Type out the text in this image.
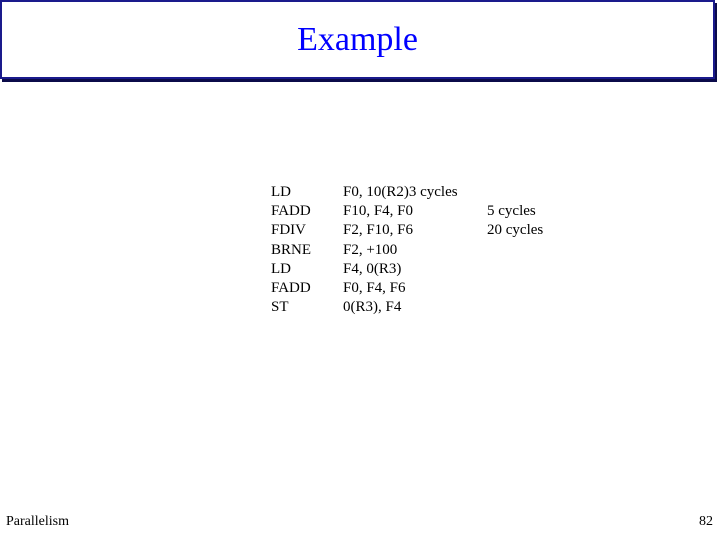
Example
LD
FADD
FDIV
BRNE
LD
FADD
ST
F0, 10(R2)3 cycles
F10, F4, F0
F2, F10, F6
F2, +100
F4, 0(R3)
F0, F4, F6
0(R3), F4
5 cycles
20 cycles
Parallelism	82
